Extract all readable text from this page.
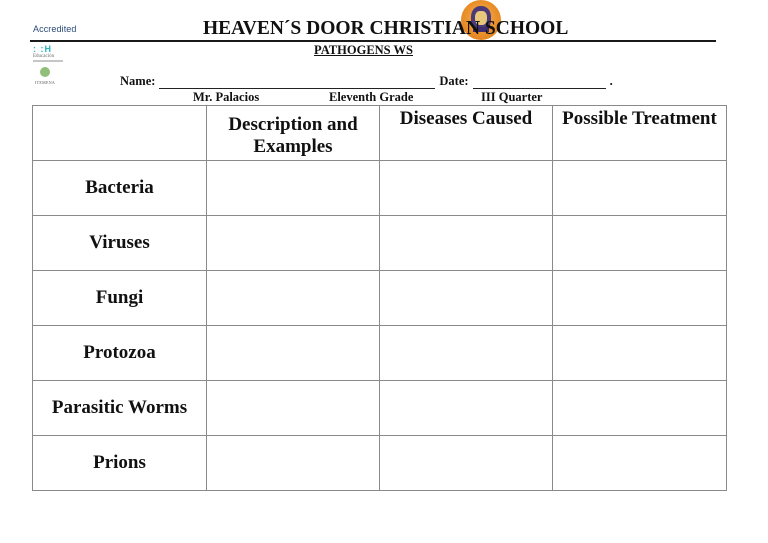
Accredited
: :H
Educación
ITEMENA
HEAVEN´S DOOR CHRISTIAN SCHOOL
PATHOGENS WS
Name:	Date:	.
Mr. Palacios	Eleventh Grade	III Quarter
	Description and Examples	Diseases Caused	Possible Treatment
Bacteria			
Viruses			
Fungi			
Protozoa			
Parasitic Worms			
Prions			
